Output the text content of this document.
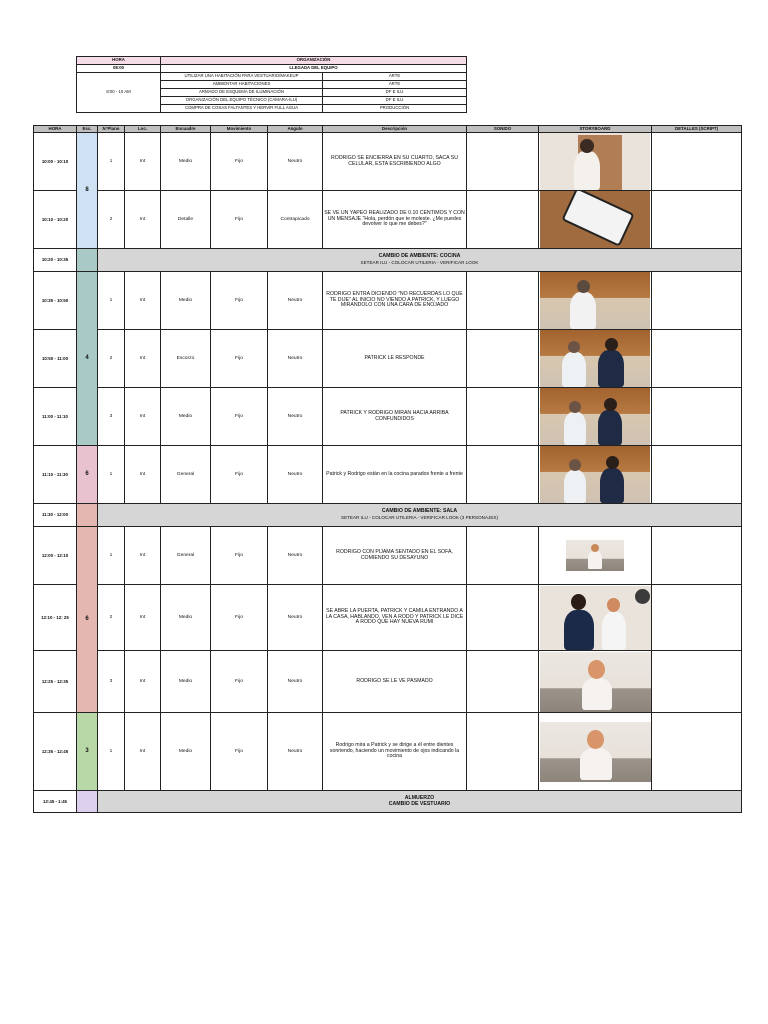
HORA	ORGANIZACIÓN	
08:00	LLEGADA DEL EQUIPO	
8:00 - 10 AM	UTILIZAR UNA HABITACIÓN PARA VESTUARIO/MAKEUP	ARTE
	AMBIENTAR HABITACIONES	ARTE
	ARMADO DE ESQUEMA DE ILUMINACIÓN	DF E ILU
	ORGANIZACIÓN DEL EQUIPO TÉCNICO (CÁMARA-ILU)	DF E ILU
	COMPRA DE COSAS FALTANTES Y HERVIR FULL AGUA	PRODUCCIÓN
HORA	Esc.	N°Plano	Loc.	Encuadre	Movimiento	Angulo	Descripción	SONIDO	STORYBOARD	DETALLES (SCRIPT)
10:00 - 10:10	8	1	Int	Medio	Fijo	Neutro	RODRIGO SE ENCIERRA EN SU CUARTO, SACA SU CELULAR, ESTA ESCRIBIENDO ALGO		

10:10 - 10:20		2	Int	Detalle	Fijo	Contrapicado	SE VE UN YAPEO REALIZADO DE 0.10 CENTIMOS Y CON UN MENSAJE "Hola, perdón que te moleste. ¿Me puedes devolver lo que me debes?"		

10:20 - 10:35		CAMBIO DE AMBIENTE: COCINA
SETEAR ILU - COLOCAR UTILERIA - VERIFICAR LOOK								

10:35 - 10:50	4	1	Int	Medio	Fijo	Neutro	RODRIGO ENTRA DICIENDO "NO RECUERDAS LO QUE TE DIJE" AL INICIO NO VIENDO A PATRICK, Y LUEGO MIRANDOLO CON UNA CARA DE ENOJADO		

10:50 - 11:00		2	Int	Escorzo	Fijo	Neutro	PATRICK LE RESPONDE		

11:00 - 11:10		3	Int	Medio	Fijo	Neutro	PATRICK Y RODRIGO MIRAN HACIA ARRIBA CONFUNDIDOS		

11:10 - 11:30	6	1	Int	General	Fijo	Neutro	Patrick y Rodrigo están en la cocina parados frente a frente		

11:30 - 12:00		CAMBIO DE AMBIENTE: SALA
SETEAR ILU - COLOCAR UTILERIA - VERIFICAR LOOK (3 PERSONAJES)								

12:00 - 12:10	6	1	Int	General	Fijo	Neutro	RODRIGO CON PIJAMA SENTADO EN EL SOFA, COMIENDO SU DESAYUNO		

12:10 - 12: 25		2	Int	Medio	Fijo	Neutro	SE ABRE LA PUERTA, PATRICK Y CAMILA ENTRANDO A LA CASA, HABLANDO, VEN A RODO Y PATRICK LE DICE A RODO QUE HAY NUEVA RUMI		

12:25 - 12:35		3	Int	Medio	Fijo	Neutro	RODRIGO SE LE VE PASMADO		

12:35 - 12:45	3	1	Int	Medio	Fijo	Neutro	Rodrigo mira a Patrick y se dirige a él entre dientes sonriendo, haciendo un movimiento de ojos indicando la cocina		

12:45 - 1:45		ALMUERZO
CAMBIO DE VESTUARIO								
